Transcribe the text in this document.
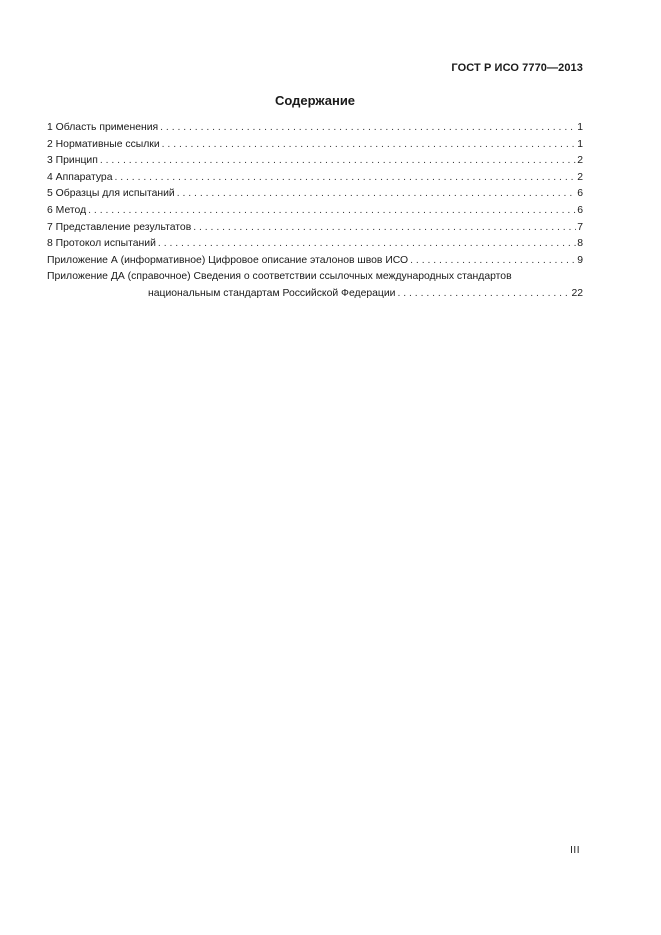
ГОСТ Р ИСО 7770—2013
Содержание
1 Область применения . . .	1
2 Нормативные ссылки . . .	1
3 Принцип . . .	2
4 Аппаратура . . .	2
5 Образцы для испытаний . . .	6
6 Метод . . .	6
7 Представление результатов . . .	7
8 Протокол испытаний . . .	8
Приложение А (информативное) Цифровое описание эталонов швов ИСО . . .	9
Приложение ДА (справочное) Сведения о соответствии ссылочных международных стандартов
национальным стандартам Российской Федерации . . .	22
III
